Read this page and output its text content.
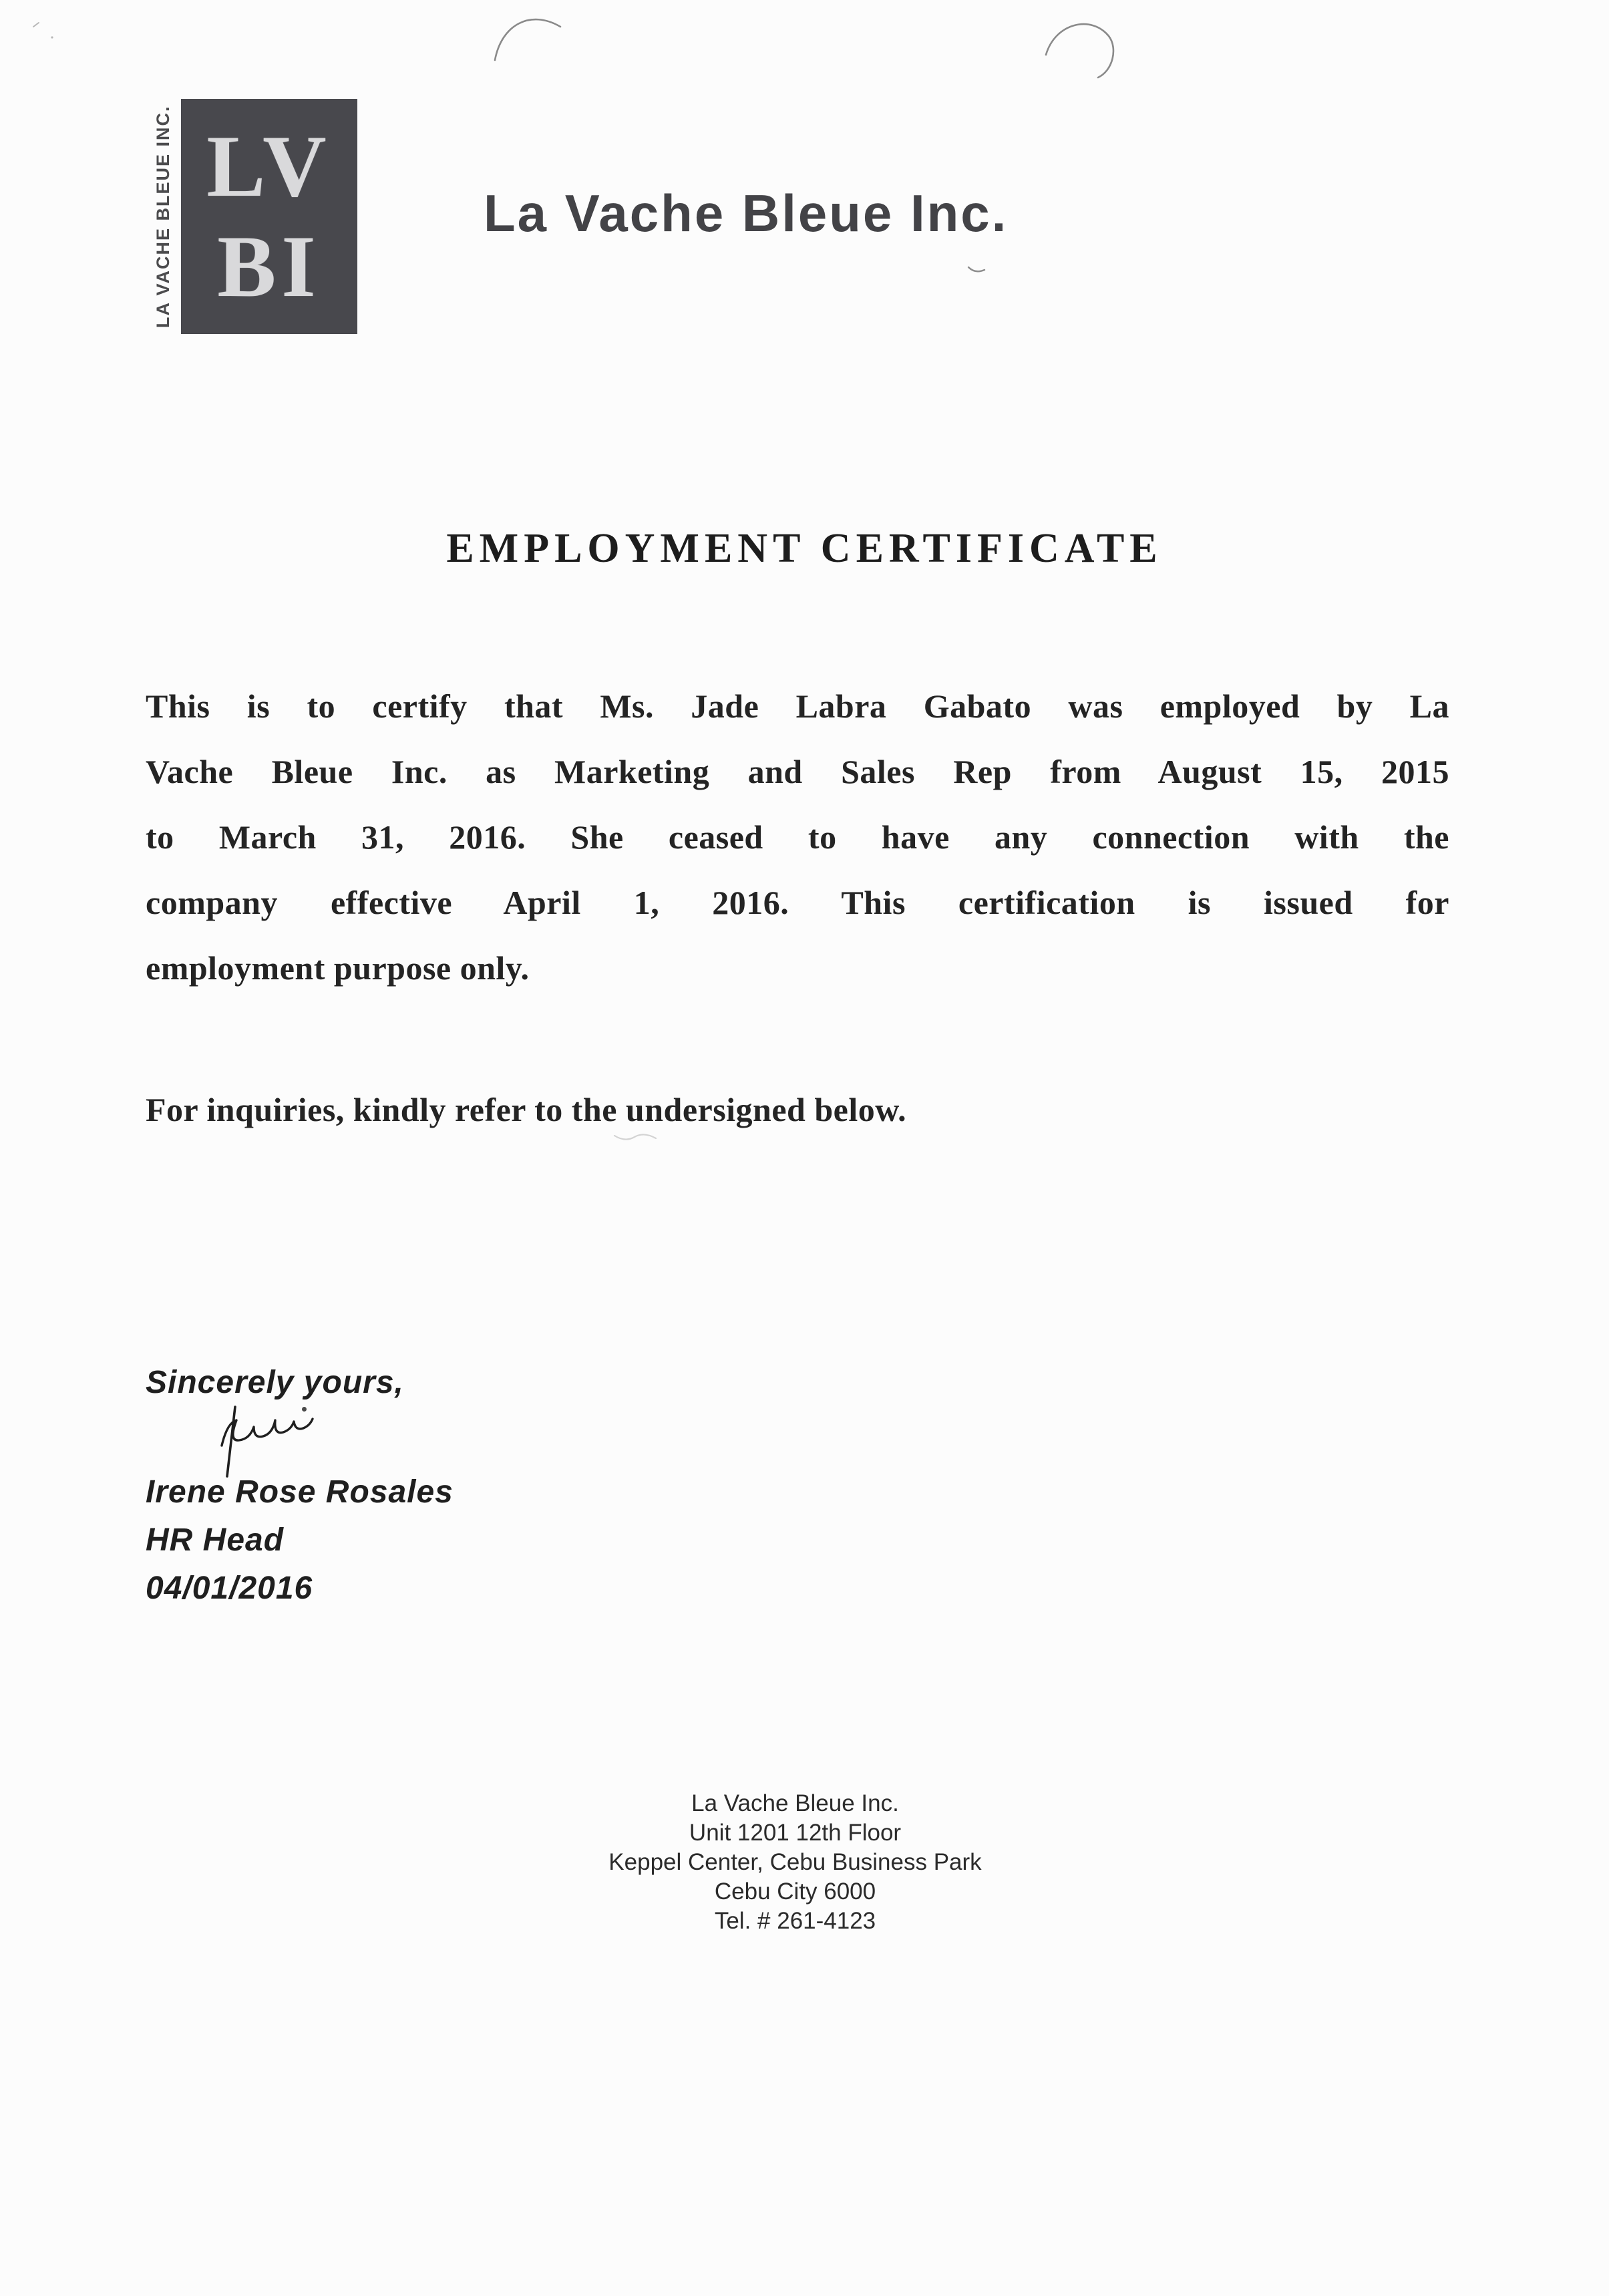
LA VACHE BLEUE INC. LV
BI
La Vache Bleue Inc.
EMPLOYMENT CERTIFICATE
This is to certify that Ms. Jade Labra Gabato was employed by La
Vache Bleue Inc. as Marketing and Sales Rep from August 15, 2015
to March 31, 2016. She ceased to have any connection with the
company effective April 1, 2016. This certification is issued for
employment purpose only.
For inquiries, kindly refer to the undersigned below.
Sincerely yours,
Irene Rose Rosales
HR Head
04/01/2016
La Vache Bleue Inc.
Unit 1201 12th Floor
Keppel Center, Cebu Business Park
Cebu City 6000
Tel. # 261-4123
